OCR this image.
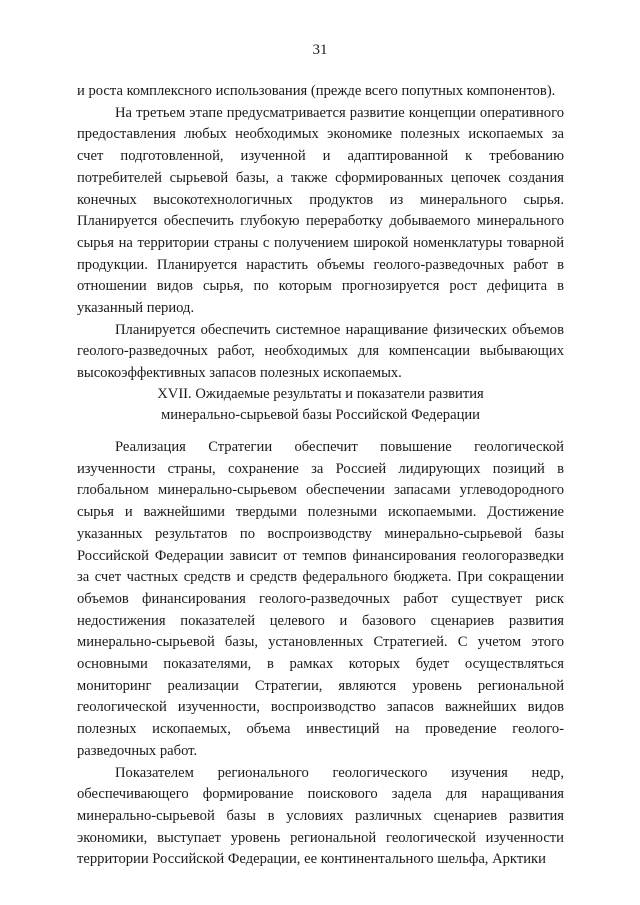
31

и роста комплексного использования (прежде всего попутных компонентов).

На третьем этапе предусматривается развитие концепции оперативного предоставления любых необходимых экономике полезных ископаемых за счет подготовленной, изученной и адаптированной к требованию потребителей сырьевой базы, а также сформированных цепочек создания конечных высокотехнологичных продуктов из минерального сырья. Планируется обеспечить глубокую переработку добываемого минерального сырья на территории страны с получением широкой номенклатуры товарной продукции. Планируется нарастить объемы геолого-разведочных работ в отношении видов сырья, по которым прогнозируется рост дефицита в указанный период.

Планируется обеспечить системное наращивание физических объемов геолого-разведочных работ, необходимых для компенсации выбывающих высокоэффективных запасов полезных ископаемых.

XVII. Ожидаемые результаты и показатели развития
минерально-сырьевой базы Российской Федерации

Реализация Стратегии обеспечит повышение геологической изученности страны, сохранение за Россией лидирующих позиций в глобальном минерально-сырьевом обеспечении запасами углеводородного сырья и важнейшими твердыми полезными ископаемыми. Достижение указанных результатов по воспроизводству минерально-сырьевой базы Российской Федерации зависит от темпов финансирования геологоразведки за счет частных средств и средств федерального бюджета. При сокращении объемов финансирования геолого-разведочных работ существует риск недостижения показателей целевого и базового сценариев развития минерально-сырьевой базы, установленных Стратегией. С учетом этого основными показателями, в рамках которых будет осуществляться мониторинг реализации Стратегии, являются уровень региональной геологической изученности, воспроизводство запасов важнейших видов полезных ископаемых, объема инвестиций на проведение геолого-разведочных работ.

Показателем регионального геологического изучения недр, обеспечивающего формирование поискового задела для наращивания минерально-сырьевой базы в условиях различных сценариев развития экономики, выступает уровень региональной геологической изученности территории Российской Федерации, ее континентального шельфа, Арктики
